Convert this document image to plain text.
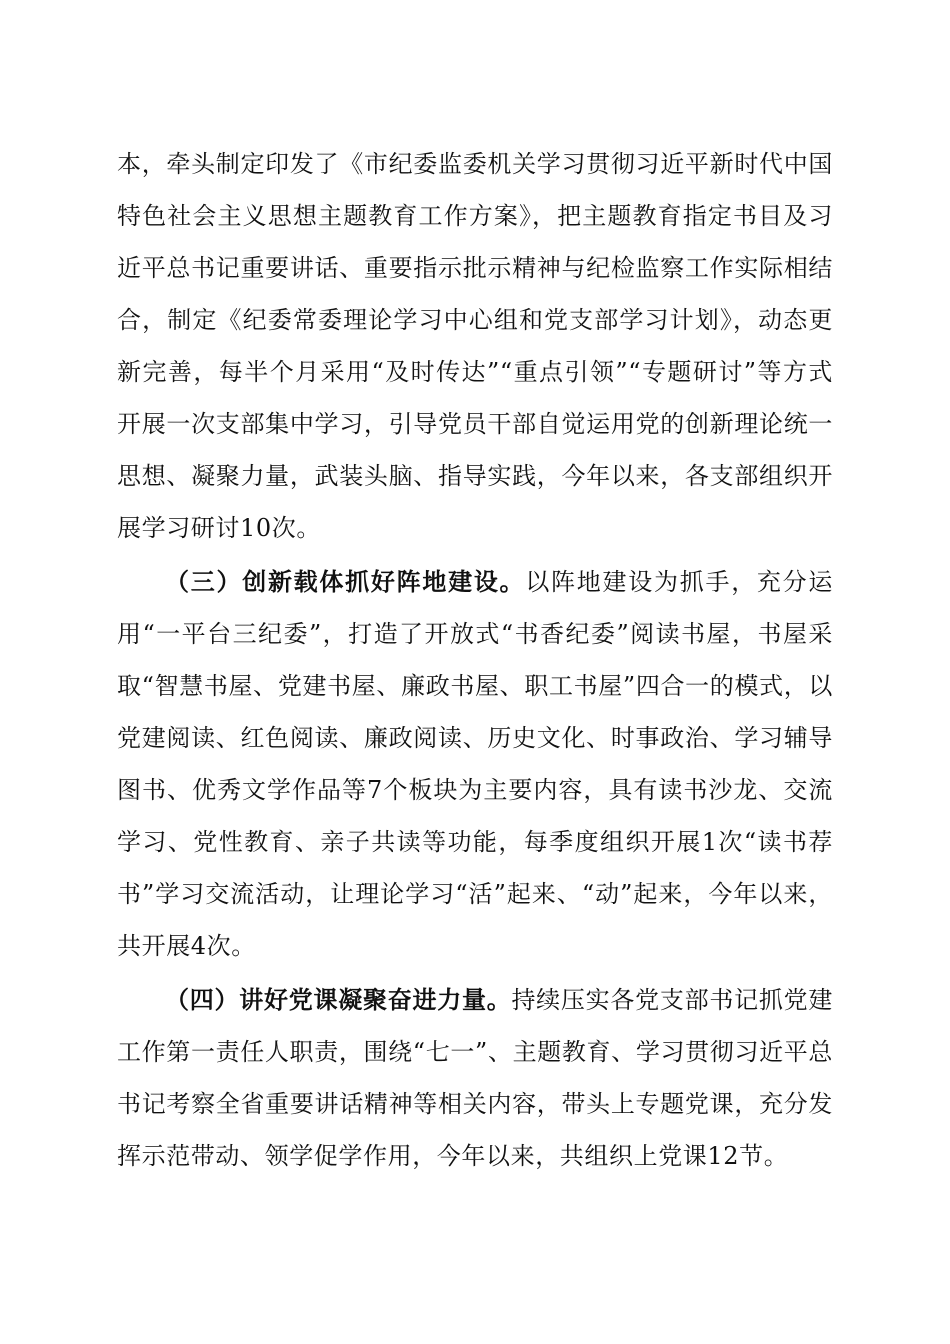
本，牵头制定印发了《市纪委监委机关学习贯彻习近平新时代中国特色社会主义思想主题教育工作方案》，把主题教育指定书目及习近平总书记重要讲话、重要指示批示精神与纪检监察工作实际相结合，制定《纪委常委理论学习中心组和党支部学习计划》，动态更新完善，每半个月采用“及时传达”“重点引领”“专题研讨”等方式开展一次支部集中学习，引导党员干部自觉运用党的创新理论统一思想、凝聚力量，武装头脑、指导实践，今年以来，各支部组织开展学习研讨10次。

（三）创新载体抓好阵地建设。以阵地建设为抓手，充分运用“一平台三纪委”，打造了开放式“书香纪委”阅读书屋，书屋采取“智慧书屋、党建书屋、廉政书屋、职工书屋”四合一的模式，以党建阅读、红色阅读、廉政阅读、历史文化、时事政治、学习辅导图书、优秀文学作品等7个板块为主要内容，具有读书沙龙、交流学习、党性教育、亲子共读等功能，每季度组织开展1次“读书荐书”学习交流活动，让理论学习“活”起来、“动”起来，今年以来，共开展4次。

（四）讲好党课凝聚奋进力量。持续压实各党支部书记抓党建工作第一责任人职责，围绕“七一”、主题教育、学习贯彻习近平总书记考察全省重要讲话精神等相关内容，带头上专题党课，充分发挥示范带动、领学促学作用，今年以来，共组织上党课12节。
